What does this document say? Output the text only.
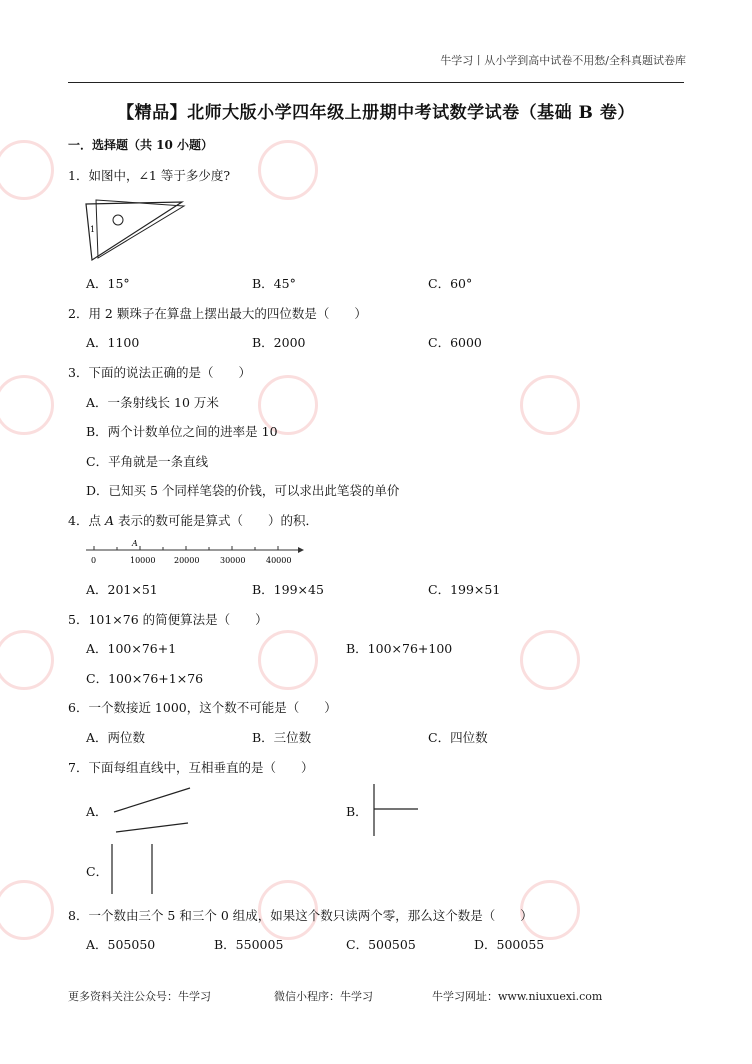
牛学习丨从小学到高中试卷不用愁/全科真题试卷库
【精品】北师大版小学四年级上册期中考试数学试卷（基础 B 卷）
一．选择题（共 10 小题）
1．如图中，∠1 等于多少度?
1
A．15°	B．45°	C．60°
2．用 2 颗珠子在算盘上摆出最大的四位数是（　　）
A．1100	B．2000	C．6000
3．下面的说法正确的是（　　）
A．一条射线长 10 万米
B．两个计数单位之间的进率是 10
C．平角就是一条直线
D．已知买 5 个同样笔袋的价钱，可以求出此笔袋的单价
4．点 A 表示的数可能是算式（　　）的积．
A
0	10000 20000	30000	40000
A．201×51	B．199×45	C．199×51
5．101×76 的简便算法是（　　）
A．100×76+1	B．100×76+100
C．100×76+1×76
6．一个数接近 1000，这个数不可能是（　　）
A．两位数	B．三位数	C．四位数
7．下面每组直线中，互相垂直的是（　　）
A．	B．
C．
8．一个数由三个 5 和三个 0 组成，如果这个数只读两个零，那么这个数是（　　）
A．505050	B．550005	C．500505	D．500055
更多资料关注公众号：牛学习	微信小程序：牛学习	牛学习网址：www.niuxuexi.com
